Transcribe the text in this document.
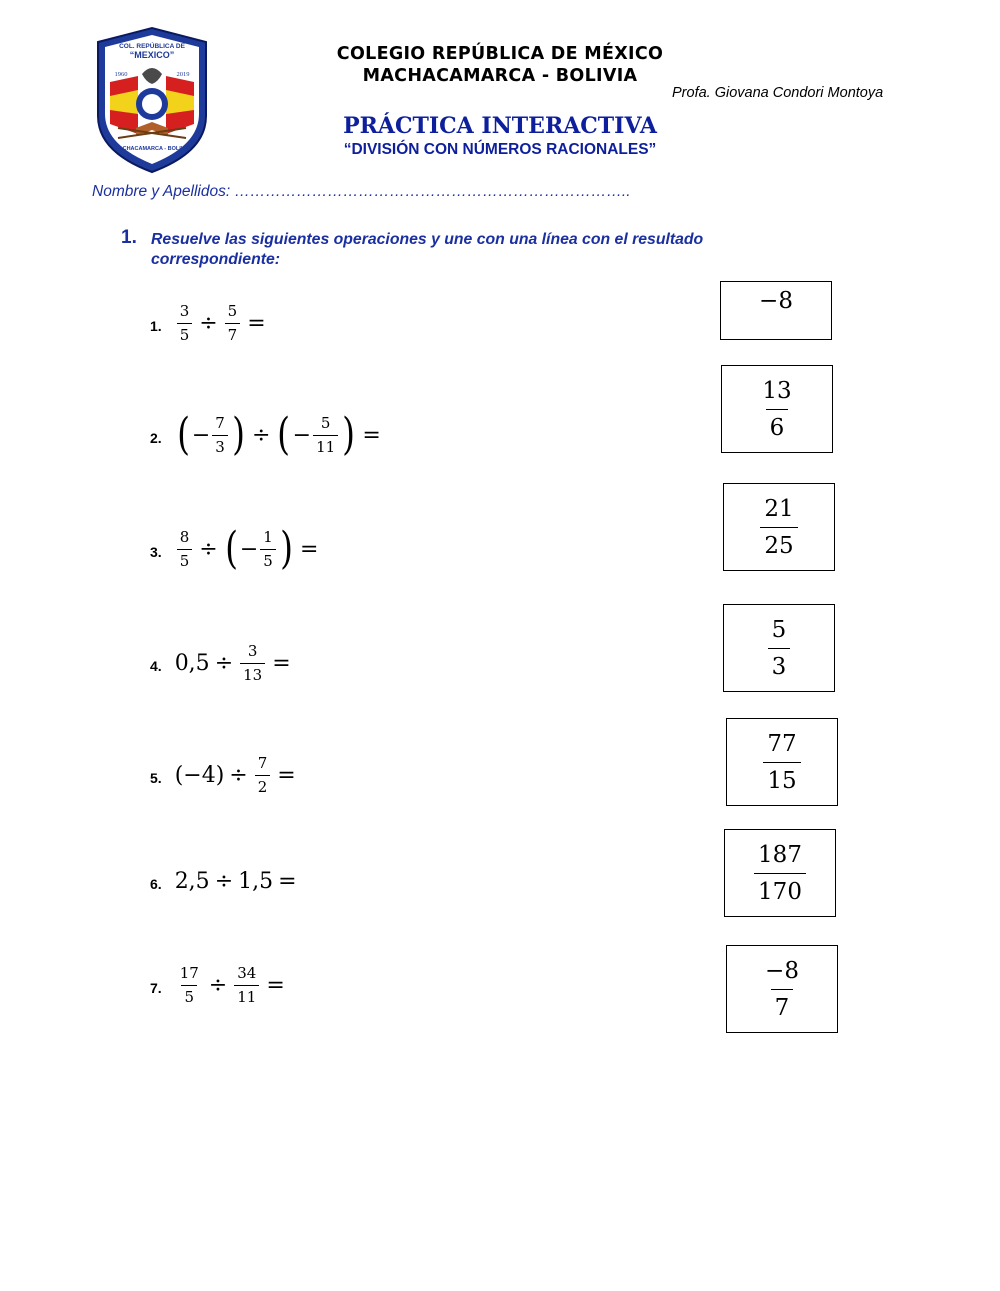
COL. REPÚBLICA DE
“MEXICO”
1960	2019
MACHACAMARCA - BOLIVIA
COLEGIO REPÚBLICA DE MÉXICO
MACHACAMARCA - BOLIVIA
Profa. Giovana Condori Montoya
PRÁCTICA INTERACTIVA
“DIVISIÓN CON NÚMEROS RACIONALES”
Nombre y Apellidos: …………………………………………………………………..
1. Resuelve las siguientes operaciones y une con una línea con el resultado correspondiente:
1. $\frac{3}{5} \div \frac{5}{7}$ =
2. ( − $\frac{7}{3}$ ) ÷ ( − $\frac{5}{11}$ ) =
3. $\frac{8}{5}$ ÷ ( − $\frac{1}{5}$ ) =
4. $0,5 \div \frac{3}{13}$ =
5. $(-4) \div \frac{7}{2}$ =
6. 2,5 ÷ 1,5 =
7. $\frac{17}{5} \div \frac{34}{11}$ =
−8
13
6
21
25
5
3
77
15
187
170
−8
7
